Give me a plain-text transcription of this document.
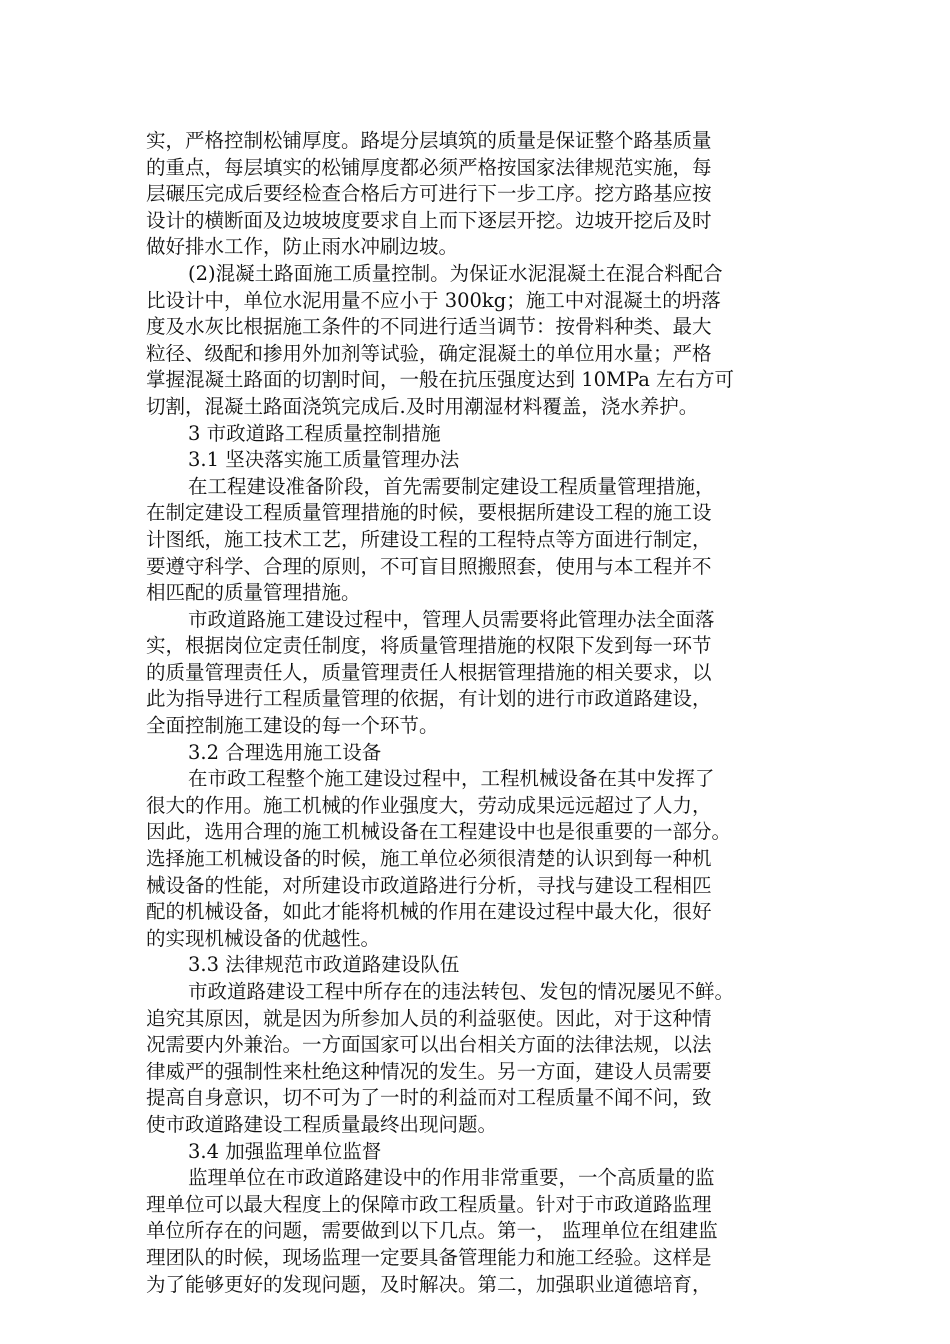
实，严格控制松铺厚度。路堤分层填筑的质量是保证整个路基质量
的重点，每层填实的松铺厚度都必须严格按国家法律规范实施，每
层碾压完成后要经检查合格后方可进行下一步工序。挖方路基应按
设计的横断面及边坡坡度要求自上而下逐层开挖。边坡开挖后及时
做好排水工作，防止雨水冲刷边坡。
(2)混凝土路面施工质量控制。为保证水泥混凝土在混合料配合
比设计中，单位水泥用量不应小于 300kg；施工中对混凝土的坍落
度及水灰比根据施工条件的不同进行适当调节：按骨料种类、最大
粒径、级配和掺用外加剂等试验，确定混凝土的单位用水量；严格
掌握混凝土路面的切割时间，一般在抗压强度达到 10MPa 左右方可
切割，混凝土路面浇筑完成后.及时用潮湿材料覆盖，浇水养护。
3 市政道路工程质量控制措施
3.1 坚决落实施工质量管理办法
在工程建设准备阶段，首先需要制定建设工程质量管理措施，
在制定建设工程质量管理措施的时候，要根据所建设工程的施工设
计图纸，施工技术工艺，所建设工程的工程特点等方面进行制定，
要遵守科学、合理的原则，不可盲目照搬照套，使用与本工程并不
相匹配的质量管理措施。
市政道路施工建设过程中，管理人员需要将此管理办法全面落
实，根据岗位定责任制度，将质量管理措施的权限下发到每一环节
的质量管理责任人，质量管理责任人根据管理措施的相关要求，以
此为指导进行工程质量管理的依据，有计划的进行市政道路建设，
全面控制施工建设的每一个环节。
3.2 合理选用施工设备
在市政工程整个施工建设过程中，工程机械设备在其中发挥了
很大的作用。施工机械的作业强度大，劳动成果远远超过了人力，
因此，选用合理的施工机械设备在工程建设中也是很重要的一部分。
选择施工机械设备的时候，施工单位必须很清楚的认识到每一种机
械设备的性能，对所建设市政道路进行分析，寻找与建设工程相匹
配的机械设备，如此才能将机械的作用在建设过程中最大化，很好
的实现机械设备的优越性。
3.3 法律规范市政道路建设队伍
市政道路建设工程中所存在的违法转包、发包的情况屡见不鲜。
追究其原因，就是因为所参加人员的利益驱使。因此，对于这种情
况需要内外兼治。一方面国家可以出台相关方面的法律法规，以法
律威严的强制性来杜绝这种情况的发生。另一方面，建设人员需要
提高自身意识，切不可为了一时的利益而对工程质量不闻不问，致
使市政道路建设工程质量最终出现问题。
3.4 加强监理单位监督
监理单位在市政道路建设中的作用非常重要，一个高质量的监
理单位可以最大程度上的保障市政工程质量。针对于市政道路监理
单位所存在的问题，需要做到以下几点。第一， 监理单位在组建监
理团队的时候，现场监理一定要具备管理能力和施工经验。这样是
为了能够更好的发现问题，及时解决。第二，加强职业道德培育，
